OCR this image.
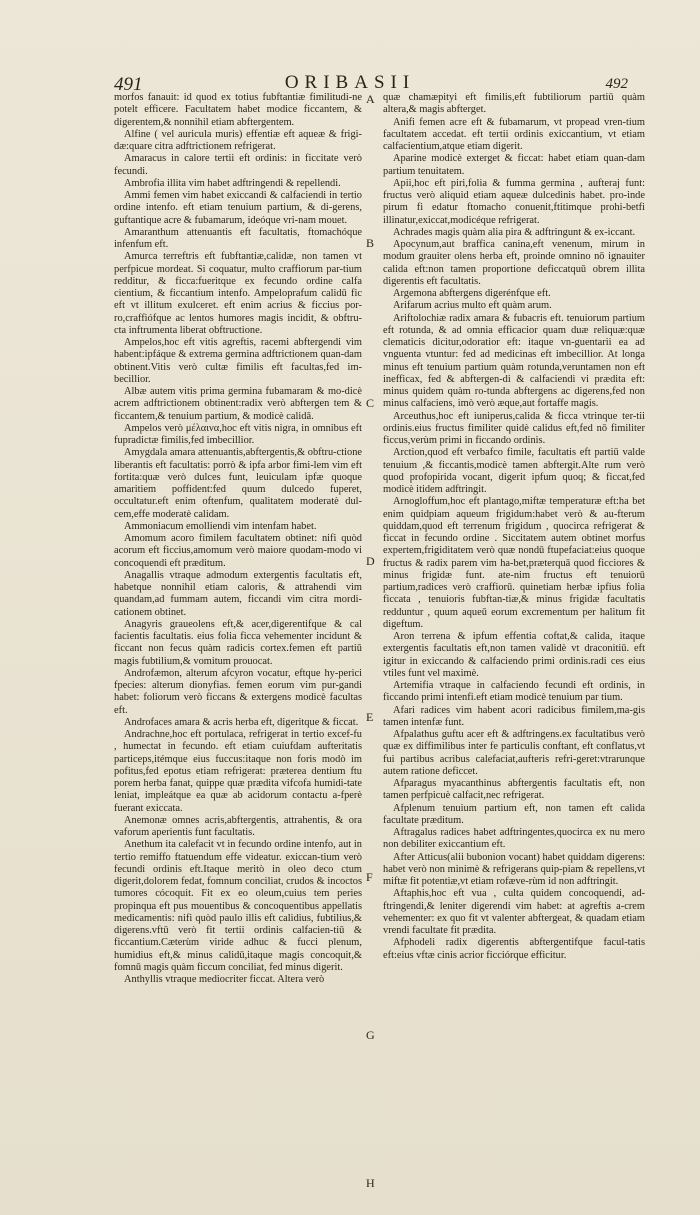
491	ORIBASII	492

morfos fanauit: id quod ex totius fubftantiæ fimilitudi-ne potelt efficere. Facultatem habet modice ficcantem, & digerentem,& nonnihil etiam abftergentem.

Alfine ( vel auricula muris) effentiæ eft aqueæ & frigi-dæ:quare citra adftrictionem refrigerat.

Amaracus in calore tertii eft ordinis: in ficcitate verò fecundi.

Ambrofia illita vim habet adftringendi & repellendi.

Ammi femen vim habet exiccandi & calfaciendi in tertio ordine intenfo. eft etiam tenuium partium, & di-gerens, guftantique acre & fubamarum, ideóque vri-nam mouet.

Amaranthum attenuantis eft facultatis, ftomachóque infenfum eft.

Amurca terreftris eft fubftantiæ,calidæ, non tamen vt perfpicue mordeat. Si coquatur, multo craffiorum par-tium redditur, & ficca:fueritque ex fecundo ordine calfa cientium, & ficcantium intenfo. Ampeloprafum calidū fic eft vt illitum exulceret. eft enim acrius & ficcius por-ro,craffiófque ac lentos humores magis incidit, & obftru-cta inftrumenta liberat obftructione.

Ampelos,hoc eft vitis agreftis, racemi abftergendi vim habent:ipfáque & extrema germina adftrictionem quan-dam obtinent.Vitis verò cultæ fimilis eft facultas,fed im-becillior.

Albæ autem vitis prima germina fubamaram & mo-dicè acrem adftrictionem obtinent:radix verò abftergen tem & ficcantem,& tenuium partium, & modicè calidā.

Ampelos verò μέλαινα,hoc eft vitis nigra, in omnibus eft fupradictæ fimilis,fed imbecillior.

Amygdala amara attenuantis,abftergentis,& obftru-ctione liberantis eft facultatis: porrò & ipfa arbor fimi-lem vim eft fortita:quæ verò dulces funt, leuiculam ipfæ quoque amaritiem poffident:fed quum dulcedo fuperet, occultatur.eft enim oftenfum, qualitatem moderatè dul-cem,effe moderatè calidam.

Ammoniacum emolliendi vim intenfam habet.

Amomum acoro fimilem facultatem obtinet: nifi quòd acorum eft ficcius,amomum verò maiore quodam-modo vi concoquendi eft præditum.

Anagallis vtraque admodum extergentis facultatis eft, habetque nonnihil etiam caloris, & attrahendi vim quandam,ad fummam autem, ficcandi vim citra mordi-cationem obtinet.

Anagyris graueolens eft,& acer,digerentifque & cal facientis facultatis. eius folia ficca vehementer incidunt & ficcant non fecus quàm radicis cortex.femen eft partiū magis fubtilium,& vomitum prouocat.

Androfæmon, alterum afcyron vocatur, eftque hy-perici fpecies: alterum dionyfias. femen eorum vim pur-gandi habet: foliorum verò ficcans & extergens modicè facultas eft.

Androfaces amara & acris herba eft, digeritque & ficcat.

Andrachne,hoc eft portulaca, refrigerat in tertio excef-fu , humectat in fecundo. eft etiam cuiufdam aufteritatis particeps,itémque eius fuccus:itaque non foris modò im pofitus,fed epotus etiam refrigerat: præterea dentium ftu porem herba fanat, quippe quæ prædita vifcofa humidi-tate leniat, impleátque ea quæ ab acidorum contactu a-fperè fuerant exiccata.

Anemonæ omnes acris,abftergentis, attrahentis, & ora vaforum aperientis funt facultatis.

Anethum ita calefacit vt in fecundo ordine intenfo, aut in tertio remiffo ftatuendum effe videatur. exiccan-tium verò fecundi ordinis eft.Itaque meritò in oleo deco ctum digerit,dolorem fedat, fomnum conciliat, crudos & incoctos tumores cócoquit. Fit ex eo oleum,cuius tem peries propinqua eft pus mouentibus & concoquentibus appellatis medicamentis: nifi quòd paulo illis eft calidius, fubtilius,& digerens.vftū verò fit tertii ordinis calfacien-tiū & ficcantium.Cæterùm viride adhuc & fucci plenum, humidius eft,& minus calidū,itaque magis concoquit,& fomnū magis quàm ficcum conciliat, fed minus digerit.

Anthyllis vtraque mediocriter ficcat. Altera verò

A
B
C
D
E
F
G
H

quæ chamæpityi eft fimilis,eft fubtiliorum partiū quàm altera,& magis abfterget.

Anifi femen acre eft & fubamarum, vt propead vren-tium facultatem accedat. eft tertii ordinis exiccantium, vt etiam calfacientium,atque etiam digerit.

Aparine modicè exterget & ficcat: habet etiam quan-dam partium tenuitatem.

Apii,hoc eft piri,folia & fumma germina , aufteraj funt: fructus verò aliquid etiam aqueæ dulcedinis habet. pro-inde pirum fi edatur ftomacho conuenit,ftitimque prohi-betfi illinatur,exiccat,modicéque refrigerat.

Achrades magis quàm alia pira & adftringunt & ex-iccant.

Apocynum,aut braffica canina,eft venenum, mirum in modum grauiter olens herba eft, proinde omnino nō ignauiter calida eft:non tamen proportione deficcatquū obrem illita digerentis eft facultatis.

Argemona abftergens digerénfque eft.

Arifarum acrius multo eft quàm arum.

Ariftolochiæ radix amara & fubacris eft. tenuiorum partium eft rotunda, & ad omnia efficacior quam duæ reliquæ:quæ clematicis dicitur,odoratior eft: itaque vn-guentarii ea ad vnguenta vtuntur: fed ad medicinas eft imbecillior. At longa minus eft tenuium partium quàm rotunda,veruntamen non eft inefficax, fed & abftergen-di & calfaciendi vi prædita eft: minus quidem quàm ro-tunda abftergens ac digerens,fed non minus calfaciens, imò verò æque,aut fortaffe magis.

Arceuthus,hoc eft iuniperus,calida & ficca vtrinque ter-tii ordinis.eius fructus fimiliter quidè calidus eft,fed nō fimiliter ficcus,verùm primi in ficcando ordinis.

Arction,quod eft verbafco fimile, facultatis eft partiū valde tenuium ,& ficcantis,modicè tamen abftergit.Alte rum verò quod profopirida vocant, digerit ipfum quoq; & ficcat,fed modicè itidem adftringit.

Arnogloffum,hoc eft plantago,miftæ temperaturæ eft:ha bet enim quidpiam aqueum frigidum:habet verò & au-fterum quiddam,quod eft terrenum frigidum , quocirca refrigerat & ficcat in fecundo ordine . Siccitatem autem obtinet morfus expertem,frigiditatem verò quæ nondū ftupefaciat:eius quoque fructus & radix parem vim ha-bet,præterquā quod ficciores & minus frigidæ funt. ate-nim fructus eft tenuiorū partium,radices verò craffiorū. quinetiam herbæ ipfius folia ficcata , tenuioris fubftan-tiæ,& minus frigidæ facultatis redduntur , quum aqueū eorum excrementum per halitum fit digeftum.

Aron terrena & ipfum effentia coftat,& calida, itaque extergentis facultatis eft,non tamen validè vt draconitiū. eft igitur in exiccando & calfaciendo primi ordinis.radi ces eius vtiles funt vel maximè.

Artemifia vtraque in calfaciendo fecundi eft ordinis, in ficcando primi intenfi.eft etiam modicè tenuium par tium.

Afari radices vim habent acori radicibus fimilem,ma-gis tamen intenfæ funt.

Afpalathus guftu acer eft & adftringens.ex facultatibus verò quæ ex diffimilibus inter fe particulis conftant, eft conflatus,vt fui partibus acribus calefaciat,aufteris refri-geret:vtrarunque autem ratione deficcet.

Afparagus myacanthinus abftergentis facultatis eft, non tamen perfpicuè calfacit,nec refrigerat.

Afplenum tenuium partium eft, non tamen eft calida facultate præditum.

Aftragalus radices habet adftringentes,quocirca ex nu mero non debiliter exiccantium eft.

After Atticus(alii bubonion vocant) habet quiddam digerens: habet verò non minimè & refrigerans quip-piam & repellens,vt miftæ fit potentiæ,vt etiam rofæve-rùm id non adftringit.

Aftaphis,hoc eft vua , culta quidem concoquendi, ad-ftringendi,& leniter digerendi vim habet: at agreftis a-crem vehementer: ex quo fit vt valenter abftergeat, & quadam etiam vrendi facultate fit prædita.

Afphodeli radix digerentis abftergentifque facul-tatis eft:eius vftæ cinis acrior ficciórque efficitur.
